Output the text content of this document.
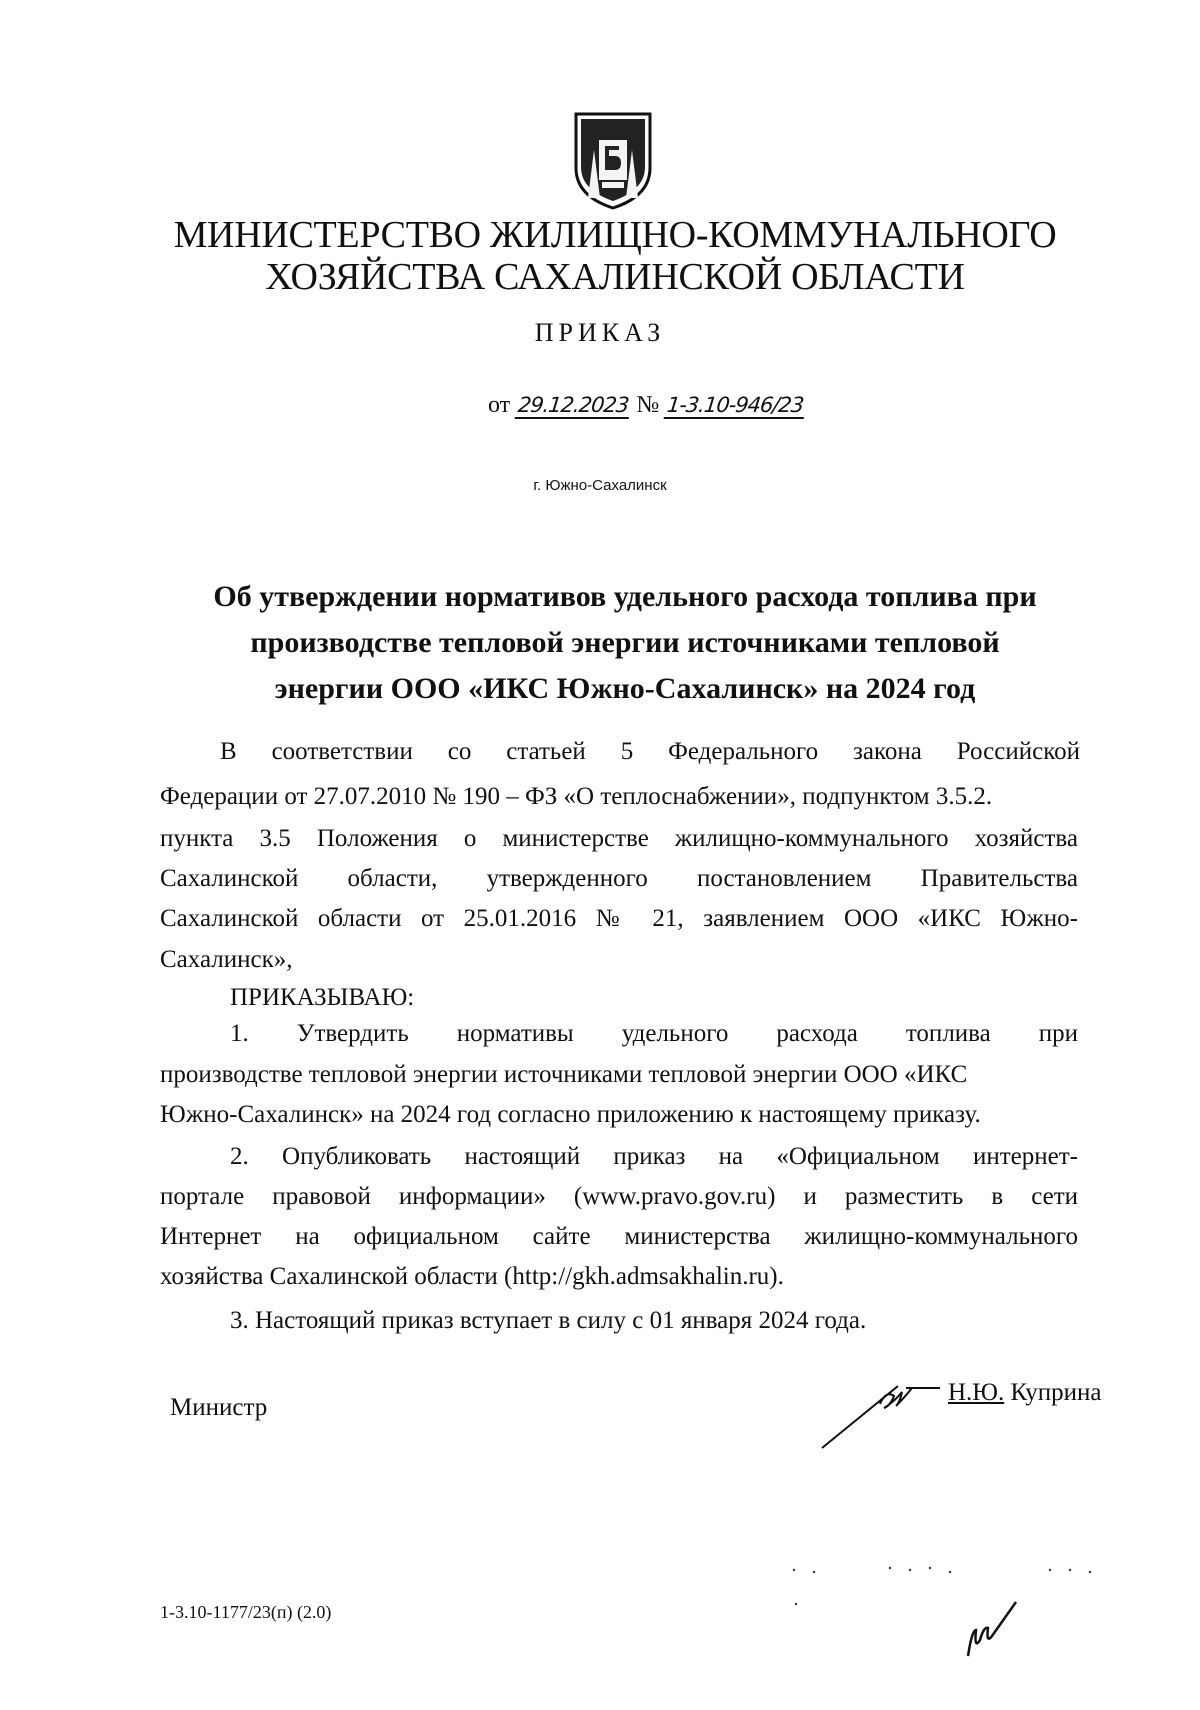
МИНИСТЕРСТВО ЖИЛИЩНО-КОММУНАЛЬНОГО
ХОЗЯЙСТВА САХАЛИНСКОЙ ОБЛАСТИ
ПРИКАЗ
от 29.12.2023 № 1-3.10-946/23
г. Южно-Сахалинск
Об утверждении нормативов удельного расхода топлива при
производстве тепловой энергии источниками тепловой
энергии ООО «ИКС Южно-Сахалинск» на 2024 год
В соответствии со статьей 5 Федерального закона Российской
Федерации от 27.07.2010 № 190 – ФЗ «О теплоснабжении», подпунктом 3.5.2.
пункта 3.5 Положения о министерстве жилищно-коммунального хозяйства
Сахалинской области, утвержденного постановлением Правительства
Сахалинской области от 25.01.2016 № 21, заявлением ООО «ИКС Южно-
Сахалинск»,
ПРИКАЗЫВАЮ:
1. Утвердить нормативы удельного расхода топлива при
производстве тепловой энергии источниками тепловой энергии ООО «ИКС
Южно-Сахалинск» на 2024 год согласно приложению к настоящему приказу.
2. Опубликовать настоящий приказ на «Официальном интернет-
портале правовой информации» (www.pravo.gov.ru) и разместить в сети
Интернет на официальном сайте министерства жилищно-коммунального
хозяйства Сахалинской области (http://gkh.admsakhalin.ru).
3. Настоящий приказ вступает в силу с 01 января 2024 года.
Министр
Н.Ю. Куприна
1-3.10-1177/23(п) (2.0)
